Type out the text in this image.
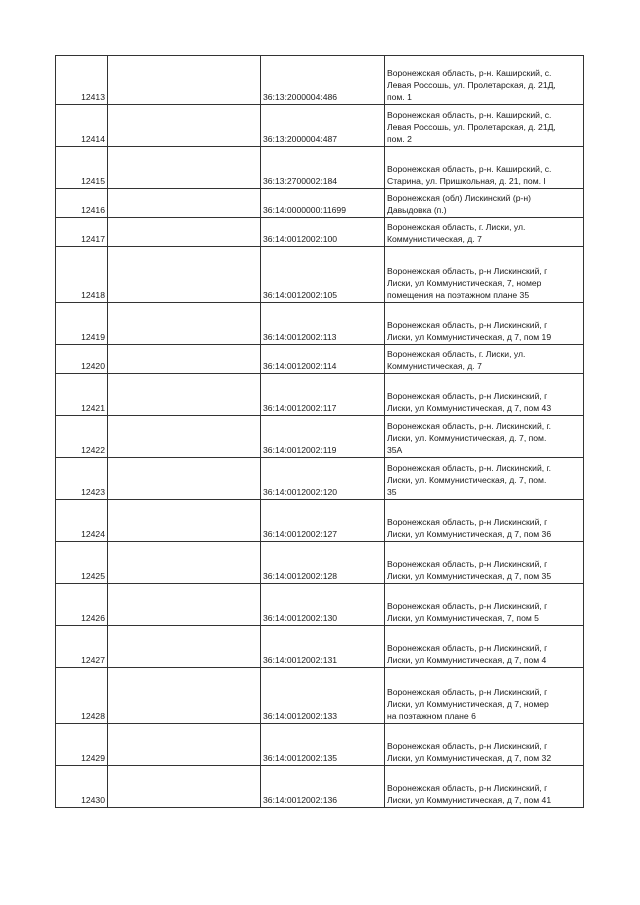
12413		36:13:2000004:486	Воронежская область, р-н. Каширский, с.
Левая Россошь, ул. Пролетарская, д. 21Д,
пом. 1

12414		36:13:2000004:487	Воронежская область, р-н. Каширский, с.
Левая Россошь, ул. Пролетарская, д. 21Д,
пом. 2

12415		36:13:2700002:184	Воронежская область, р-н. Каширский, с.
Старина, ул. Пришкольная, д. 21, пом. I

12416		36:14:0000000:11699	Воронежская (обл) Лискинский (р-н)
Давыдовка (п.)

12417		36:14:0012002:100	Воронежская область, г. Лиски, ул.
Коммунистическая, д. 7

12418		36:14:0012002:105	Воронежская область, р-н Лискинский, г
Лиски, ул Коммунистическая, 7, номер
помещения на поэтажном плане 35

12419		36:14:0012002:113	Воронежская область, р-н Лискинский, г
Лиски, ул Коммунистическая, д 7, пом 19

12420		36:14:0012002:114	Воронежская область, г. Лиски, ул.
Коммунистическая, д. 7

12421		36:14:0012002:117	Воронежская область, р-н Лискинский, г
Лиски, ул Коммунистическая, д 7, пом 43

12422		36:14:0012002:119	Воронежская область, р-н. Лискинский, г.
Лиски, ул. Коммунистическая, д. 7, пом.
35А

12423		36:14:0012002:120	Воронежская область, р-н. Лискинский, г.
Лиски, ул. Коммунистическая, д. 7, пом.
35

12424		36:14:0012002:127	Воронежская область, р-н Лискинский, г
Лиски, ул Коммунистическая, д 7, пом 36

12425		36:14:0012002:128	Воронежская область, р-н Лискинский, г
Лиски, ул Коммунистическая, д 7, пом 35

12426		36:14:0012002:130	Воронежская область, р-н Лискинский, г
Лиски, ул Коммунистическая, 7, пом 5

12427		36:14:0012002:131	Воронежская область, р-н Лискинский, г
Лиски, ул Коммунистическая, д 7, пом 4

12428		36:14:0012002:133	Воронежская область, р-н Лискинский, г
Лиски, ул Коммунистическая, д 7, номер
на поэтажном плане 6

12429		36:14:0012002:135	Воронежская область, р-н Лискинский, г
Лиски, ул Коммунистическая, д 7, пом 32

12430		36:14:0012002:136	Воронежская область, р-н Лискинский, г
Лиски, ул Коммунистическая, д 7, пом 41
